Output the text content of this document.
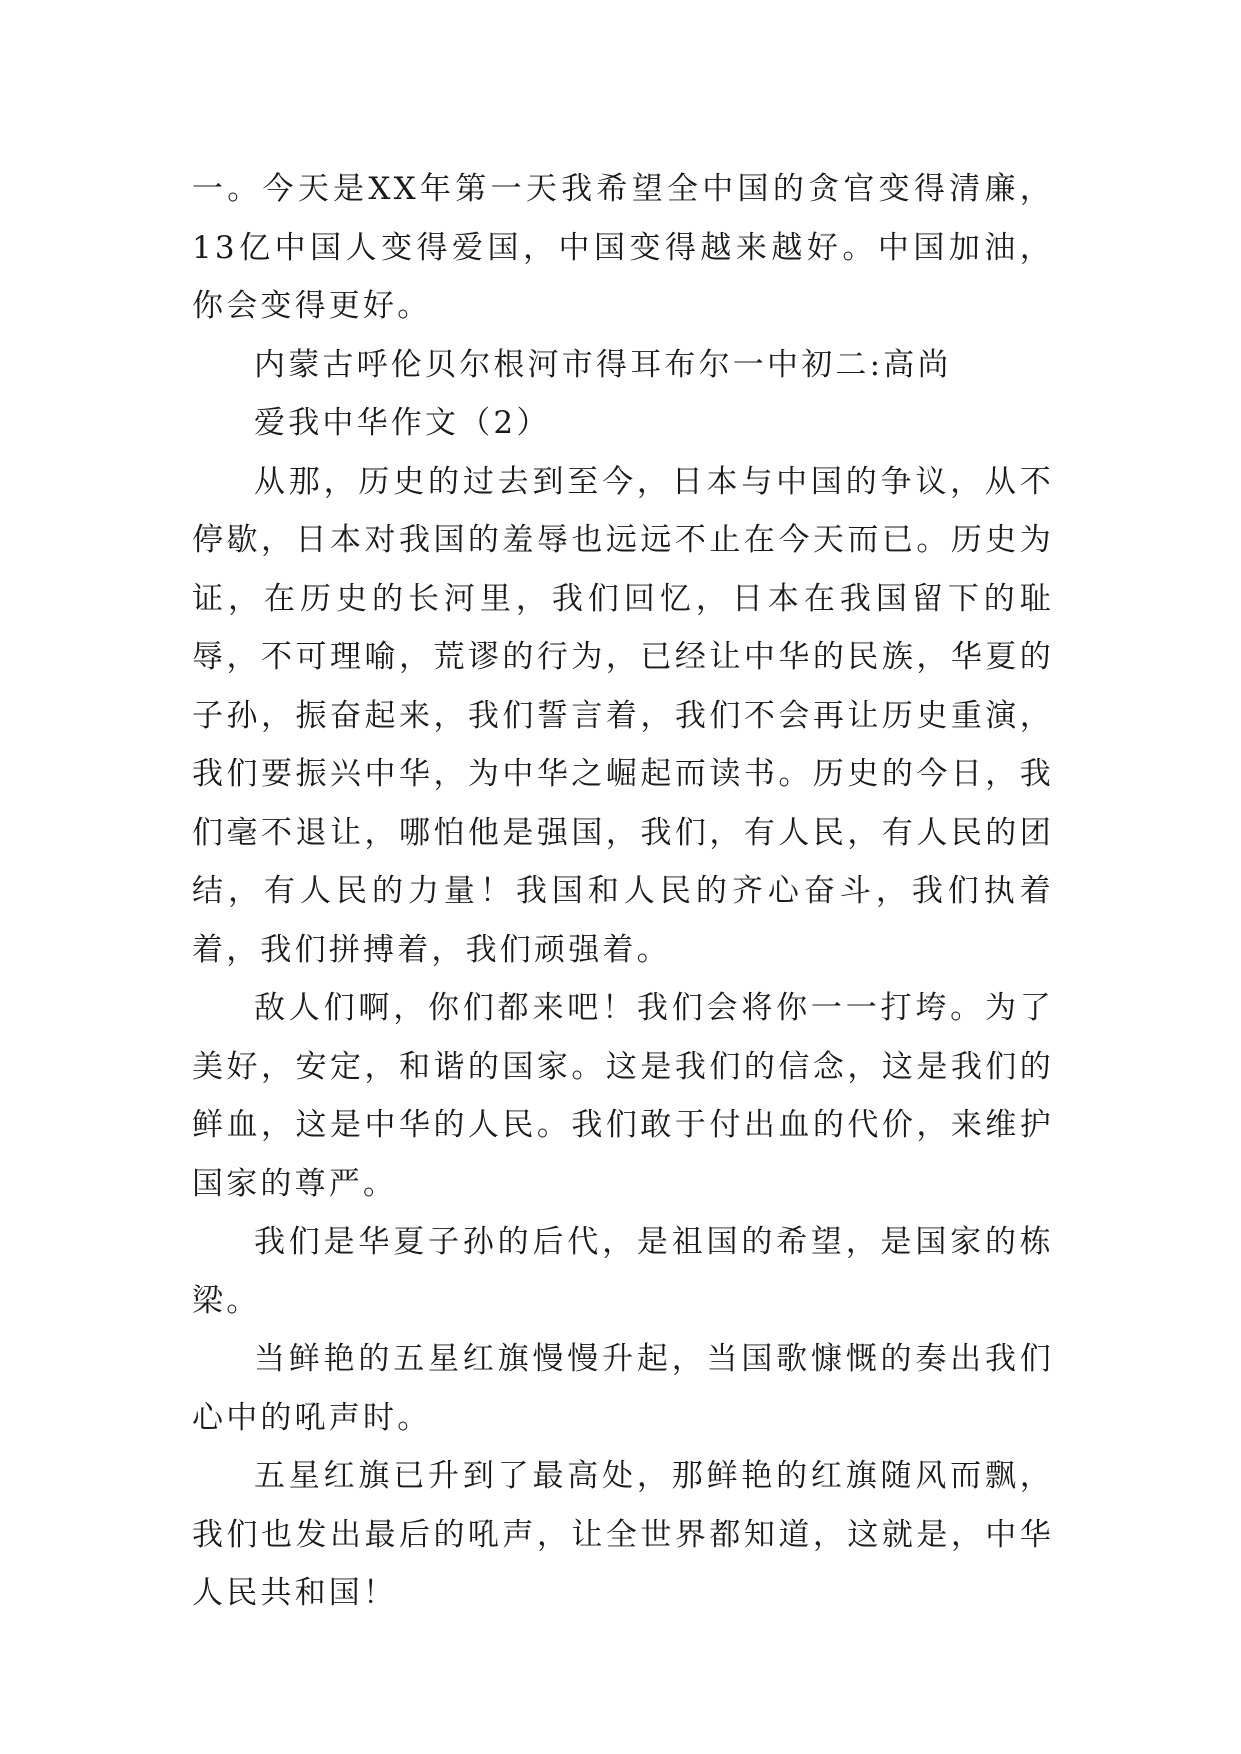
一。今天是XX年第一天我希望全中国的贪官变得清廉，13亿中国人变得爱国，中国变得越来越好。中国加油，你会变得更好。

内蒙古呼伦贝尔根河市得耳布尔一中初二:高尚

爱我中华作文（2）

从那，历史的过去到至今，日本与中国的争议，从不停歇，日本对我国的羞辱也远远不止在今天而已。历史为证，在历史的长河里，我们回忆，日本在我国留下的耻辱，不可理喻，荒谬的行为，已经让中华的民族，华夏的子孙，振奋起来，我们誓言着，我们不会再让历史重演，我们要振兴中华，为中华之崛起而读书。历史的今日，我们毫不退让，哪怕他是强国，我们，有人民，有人民的团结，有人民的力量！我国和人民的齐心奋斗，我们执着着，我们拼搏着，我们顽强着。

敌人们啊，你们都来吧！我们会将你一一打垮。为了美好，安定，和谐的国家。这是我们的信念，这是我们的鲜血，这是中华的人民。我们敢于付出血的代价，来维护国家的尊严。

我们是华夏子孙的后代，是祖国的希望，是国家的栋梁。

当鲜艳的五星红旗慢慢升起，当国歌慷慨的奏出我们心中的吼声时。

五星红旗已升到了最高处，那鲜艳的红旗随风而飘，我们也发出最后的吼声，让全世界都知道，这就是，中华人民共和国！
